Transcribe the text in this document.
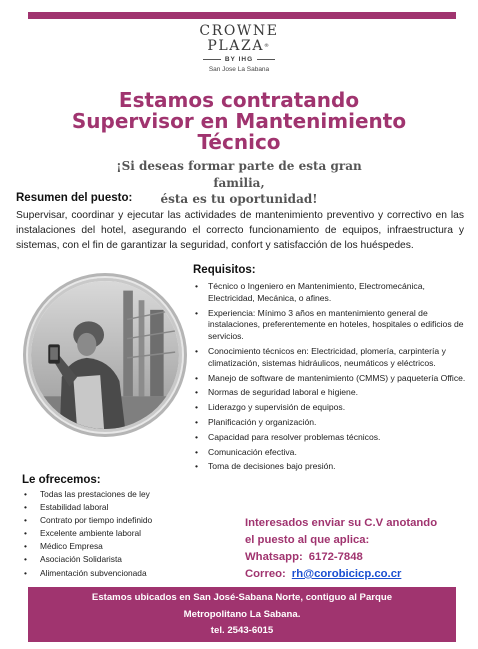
CROWNE
PLAZA®
BY IHG
San Jose La Sabana
Estamos contratando
Supervisor en Mantenimiento
Técnico
¡Si deseas formar parte de esta gran familia,
ésta es tu oportunidad!
Resumen del puesto:
Supervisar, coordinar y ejecutar las actividades de mantenimiento preventivo y correctivo en las instalaciones del hotel, asegurando el correcto funcionamiento de equipos, infraestructura y sistemas, con el fin de garantizar la seguridad, confort y satisfacción de los huéspedes.
Requisitos:
• Técnico o Ingeniero en Mantenimiento, Electromecánica, Electricidad, Mecánica, o afines.
• Experiencia: Mínimo 3 años en mantenimiento general de instalaciones, preferentemente en hoteles, hospitales o edificios de servicios.
• Conocimiento técnicos en: Electricidad, plomería, carpintería y climatización, sistemas hidráulicos, neumáticos y eléctricos.
• Manejo de software de mantenimiento (CMMS) y paquetería Office.
• Normas de seguridad laboral e higiene.
• Liderazgo y supervisión de equipos.
• Planificación y organización.
• Capacidad para resolver problemas técnicos.
• Comunicación efectiva.
• Toma de decisiones bajo presión.
Le ofrecemos:
• Todas las prestaciones de ley
• Estabilidad laboral
• Contrato por tiempo indefinido
• Excelente ambiente laboral
• Médico Empresa
• Asociación Solidarista
• Alimentación subvencionada
Interesados enviar su C.V anotando
el puesto al que aplica:
Whatsapp: 6172-7848
Correo: rh@corobicicp.co.cr
Estamos ubicados en San José-Sabana Norte, contiguo al Parque
Metropolitano La Sabana.
tel. 2543-6015
